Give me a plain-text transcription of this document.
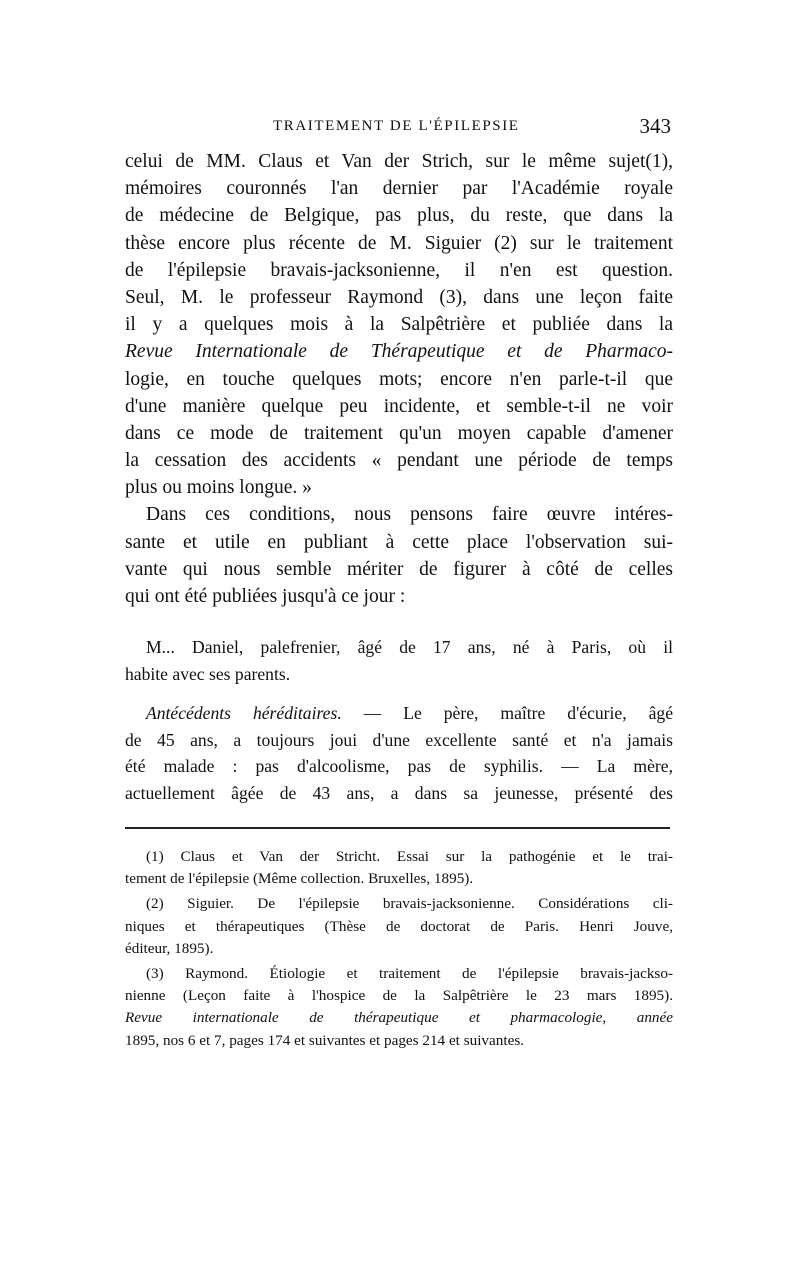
TRAITEMENT DE L'ÉPILEPSIE	343
celui de MM. Claus et Van der Strich, sur le même sujet(1),
mémoires couronnés l'an dernier par l'Académie royale
de médecine de Belgique, pas plus, du reste, que dans la
thèse encore plus récente de M. Siguier (2) sur le traitement
de l'épilepsie bravais-jacksonienne, il n'en est question.
Seul, M. le professeur Raymond (3), dans une leçon faite
il y a quelques mois à la Salpêtrière et publiée dans la
Revue Internationale de Thérapeutique et de Pharmaco-
logie, en touche quelques mots; encore n'en parle-t-il que
d'une manière quelque peu incidente, et semble-t-il ne voir
dans ce mode de traitement qu'un moyen capable d'amener
la cessation des accidents « pendant une période de temps
plus ou moins longue. »
Dans ces conditions, nous pensons faire œuvre intéres-
sante et utile en publiant à cette place l'observation sui-
vante qui nous semble mériter de figurer à côté de celles
qui ont été publiées jusqu'à ce jour :
M... Daniel, palefrenier, âgé de 17 ans, né à Paris, où il
habite avec ses parents.
Antécédents héréditaires. — Le père, maître d'écurie, âgé
de 45 ans, a toujours joui d'une excellente santé et n'a jamais
été malade : pas d'alcoolisme, pas de syphilis. — La mère,
actuellement âgée de 43 ans, a dans sa jeunesse, présenté des
(1) Claus et Van der Stricht. Essai sur la pathogénie et le trai-
tement de l'épilepsie (Même collection. Bruxelles, 1895).
(2) Siguier. De l'épilepsie bravais-jacksonienne. Considérations cli-
niques et thérapeutiques (Thèse de doctorat de Paris. Henri Jouve,
éditeur, 1895).
(3) Raymond. Étiologie et traitement de l'épilepsie bravais-jackso-
nienne (Leçon faite à l'hospice de la Salpêtrière le 23 mars 1895).
Revue internationale de thérapeutique et pharmacologie, année
1895, nos 6 et 7, pages 174 et suivantes et pages 214 et suivantes.
